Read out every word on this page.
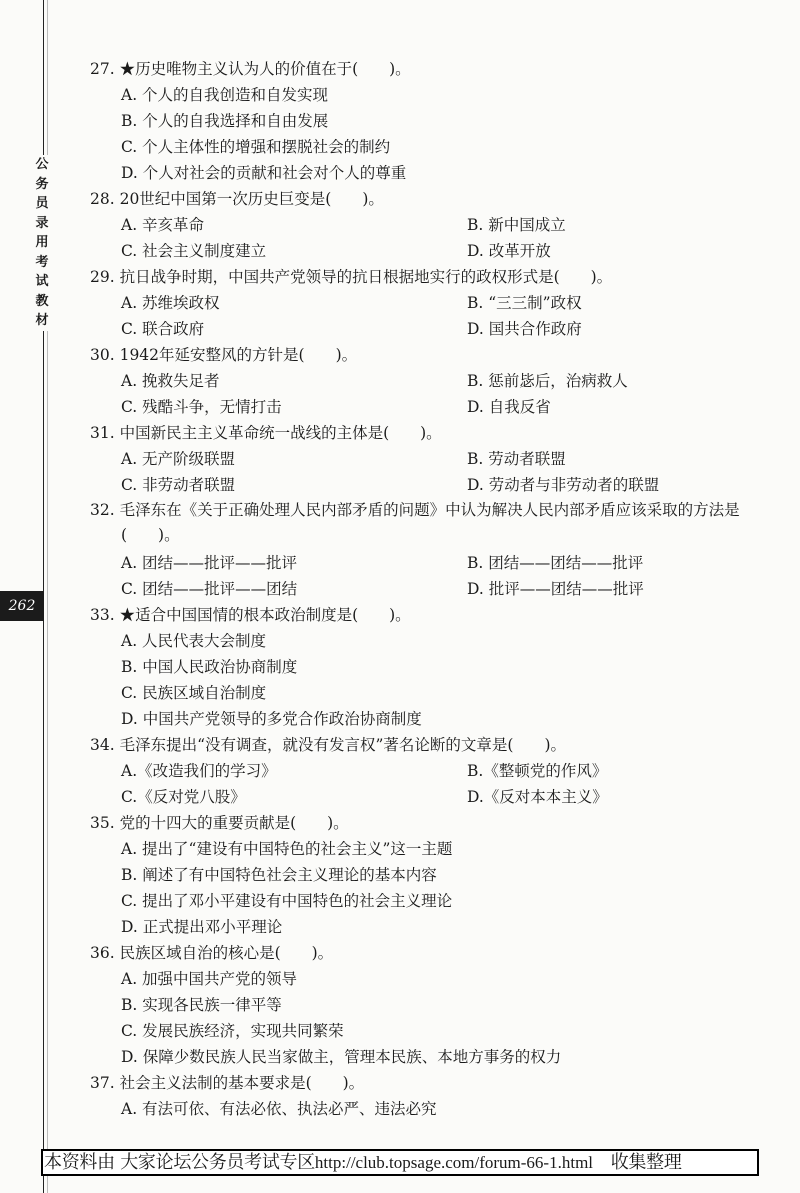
公
务
员
录
用
考
试
教
材
262
27. ★历史唯物主义认为人的价值在于(　　)。
A. 个人的自我创造和自发实现
B. 个人的自我选择和自由发展
C. 个人主体性的增强和摆脱社会的制约
D. 个人对社会的贡献和社会对个人的尊重
28. 20世纪中国第一次历史巨变是(　　)。
A. 辛亥革命	B. 新中国成立
C. 社会主义制度建立	D. 改革开放
29. 抗日战争时期，中国共产党领导的抗日根据地实行的政权形式是(　　)。
A. 苏维埃政权	B. “三三制”政权
C. 联合政府	D. 国共合作政府
30. 1942年延安整风的方针是(　　)。
A. 挽救失足者	B. 惩前毖后，治病救人
C. 残酷斗争，无情打击	D. 自我反省
31. 中国新民主主义革命统一战线的主体是(　　)。
A. 无产阶级联盟	B. 劳动者联盟
C. 非劳动者联盟	D. 劳动者与非劳动者的联盟
32. 毛泽东在《关于正确处理人民内部矛盾的问题》中认为解决人民内部矛盾应该采取的方法是(　　)。
A. 团结——批评——批评	B. 团结——团结——批评
C. 团结——批评——团结	D. 批评——团结——批评
33. ★适合中国国情的根本政治制度是(　　)。
A. 人民代表大会制度
B. 中国人民政治协商制度
C. 民族区域自治制度
D. 中国共产党领导的多党合作政治协商制度
34. 毛泽东提出“没有调查，就没有发言权”著名论断的文章是(　　)。
A.《改造我们的学习》	B.《整顿党的作风》
C.《反对党八股》	D.《反对本本主义》
35. 党的十四大的重要贡献是(　　)。
A. 提出了“建设有中国特色的社会主义”这一主题
B. 阐述了有中国特色社会主义理论的基本内容
C. 提出了邓小平建设有中国特色的社会主义理论
D. 正式提出邓小平理论
36. 民族区域自治的核心是(　　)。
A. 加强中国共产党的领导
B. 实现各民族一律平等
C. 发展民族经济，实现共同繁荣
D. 保障少数民族人民当家做主，管理本民族、本地方事务的权力
37. 社会主义法制的基本要求是(　　)。
A. 有法可依、有法必依、执法必严、违法必究
本资料由 大家论坛公务员考试专区http://club.topsage.com/forum-66-1.html　收集整理
